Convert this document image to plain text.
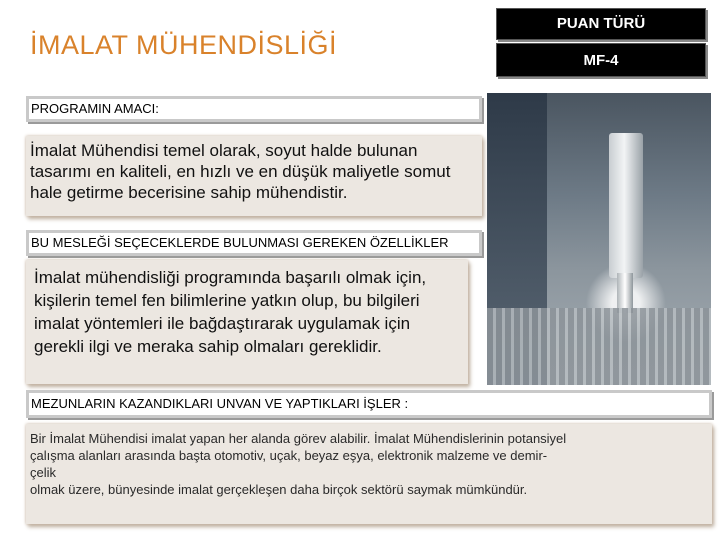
İMALAT MÜHENDİSLİĞİ
PUAN TÜRÜ
MF-4
PROGRAMIN AMACI:
İmalat Mühendisi temel olarak, soyut halde bulunan tasarımı en kaliteli, en hızlı ve en düşük maliyetle somut hale getirme becerisine sahip mühendistir.
BU MESLEĞİ SEÇECEKLERDE BULUNMASI GEREKEN ÖZELLİKLER
İmalat mühendisliği programında başarılı olmak için, kişilerin temel fen bilimlerine yatkın olup, bu bilgileri imalat yöntemleri ile bağdaştırarak uygulamak için gerekli ilgi ve meraka sahip olmaları gereklidir.
MEZUNLARIN KAZANDIKLARI UNVAN VE YAPTIKLARI İŞLER :
Bir İmalat Mühendisi imalat yapan her alanda görev alabilir. İmalat Mühendislerinin potansiyel
çalışma alanları arasında başta otomotiv, uçak, beyaz eşya, elektronik malzeme ve demir-
çelik
olmak üzere, bünyesinde imalat gerçekleşen daha birçok sektörü saymak mümkündür.
